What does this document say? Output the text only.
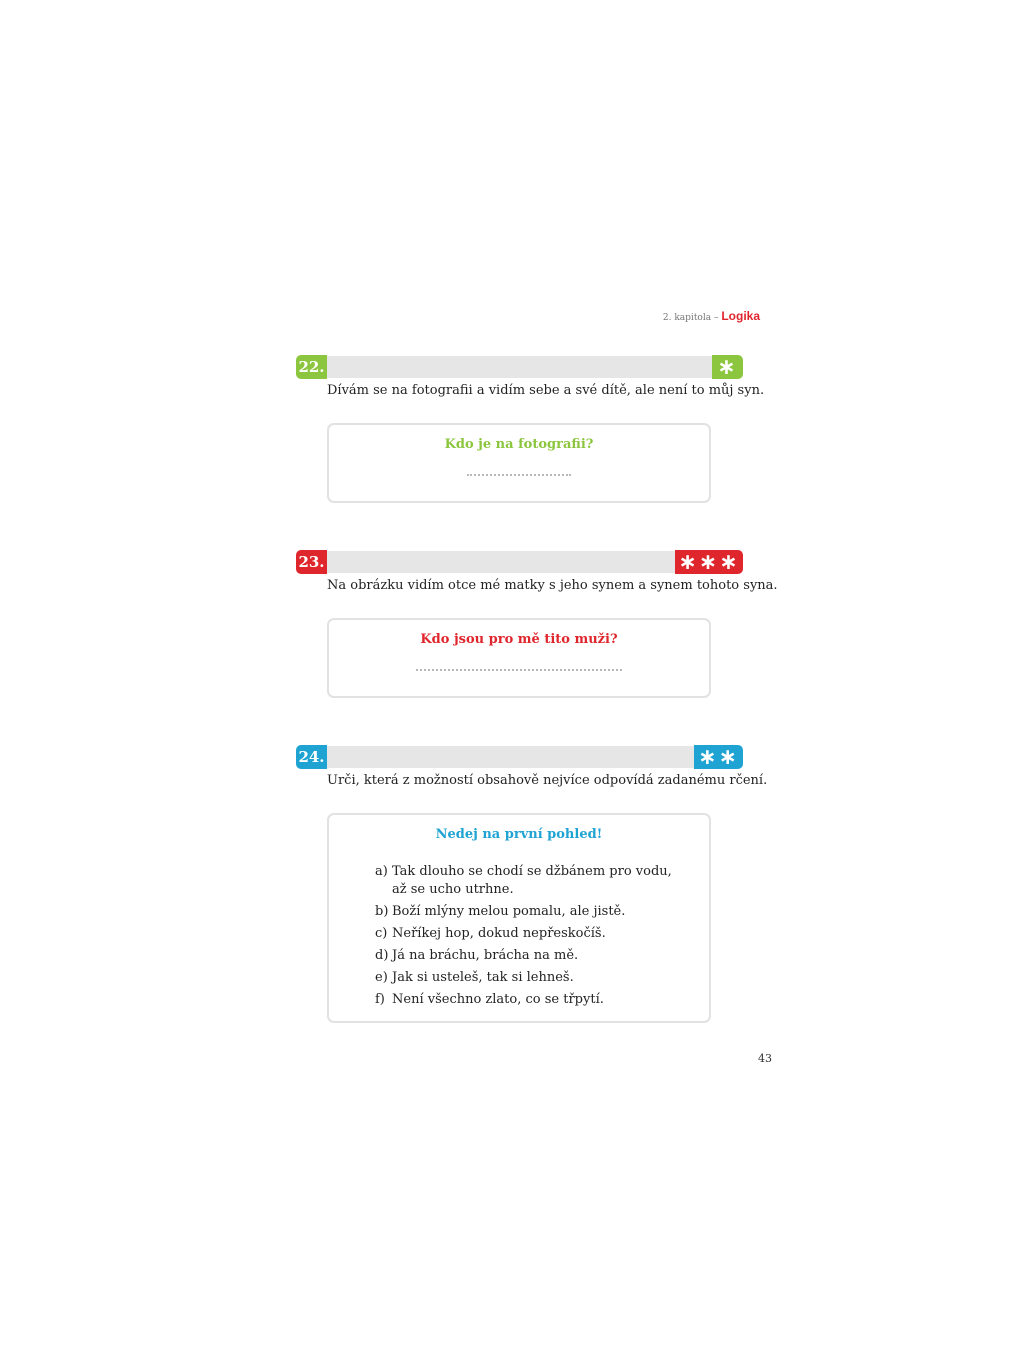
2. kapitola – Logika
22.	∗
Dívám se na fotografii a vidím sebe a své dítě, ale není to můj syn.
Kdo je na fotografii?
23.	∗∗∗
Na obrázku vidím otce mé matky s jeho synem a synem tohoto syna.
Kdo jsou pro mě tito muži?
24.	∗∗
Urči, která z možností obsahově nejvíce odpovídá zadanému rčení.
Nedej na první pohled!
a) Tak dlouho se chodí se džbánem pro vodu,
až se ucho utrhne.
b) Boží mlýny melou pomalu, ale jistě.
c) Neříkej hop, dokud nepřeskočíš.
d) Já na bráchu, brácha na mě.
e) Jak si usteleš, tak si lehneš.
f) Není všechno zlato, co se třpytí.
43
